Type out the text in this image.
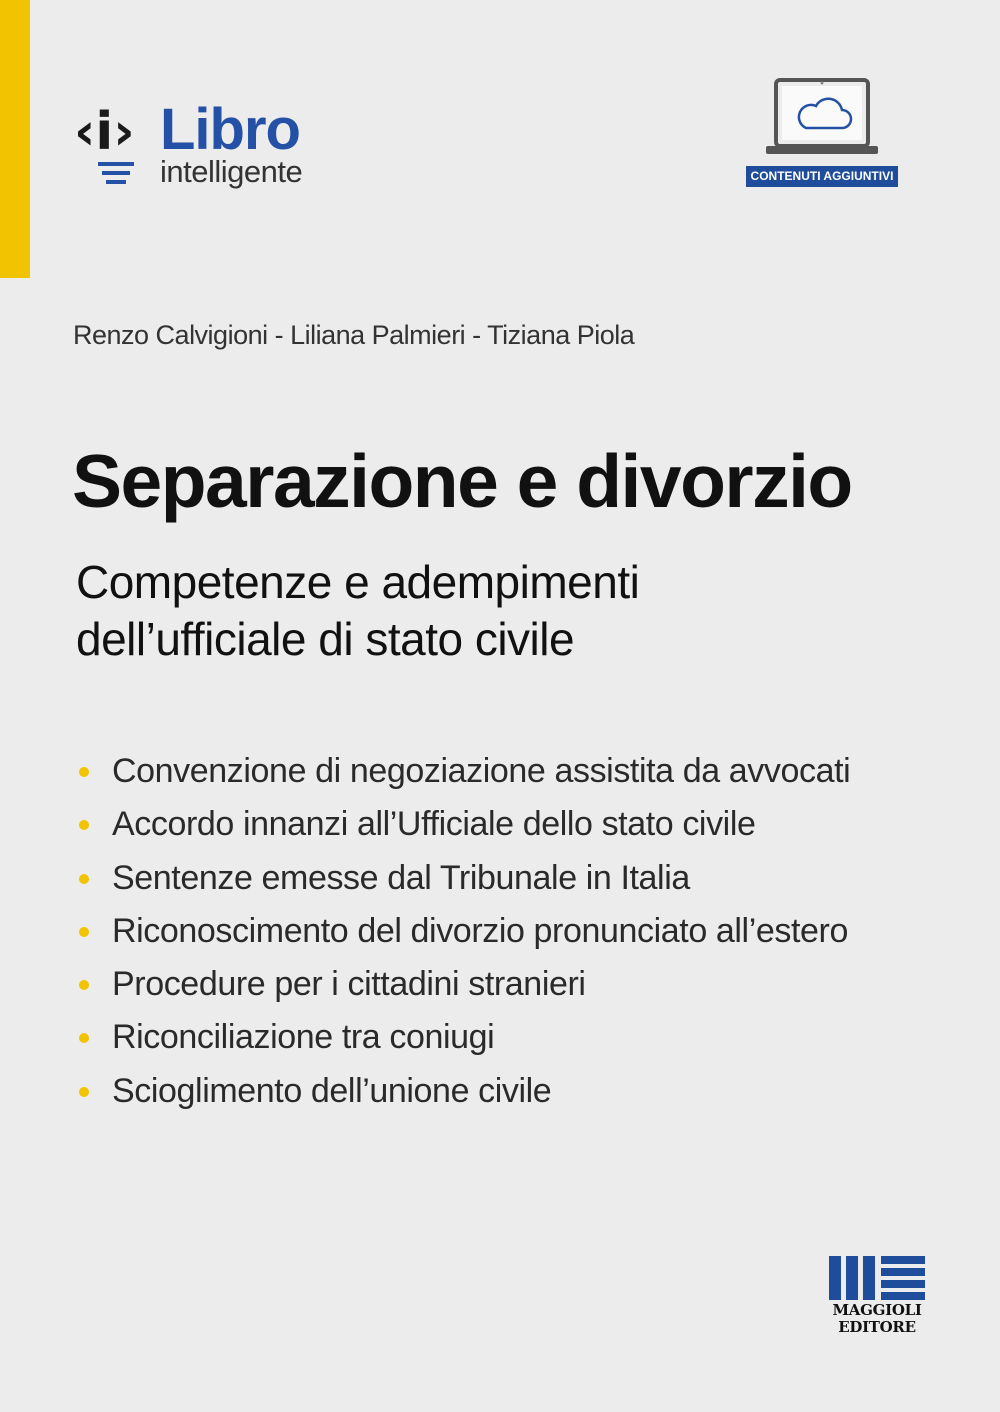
‹i› Libro
intelligente	CONTENUTI AGGIUNTIVI
Renzo Calvigioni - Liliana Palmieri - Tiziana Piola
Separazione e divorzio
Competenze e adempimenti
dell’ufficiale di stato civile
Convenzione di negoziazione assistita da avvocati
Accordo innanzi all’Ufficiale dello stato civile
Sentenze emesse dal Tribunale in Italia
Riconoscimento del divorzio pronunciato all’estero
Procedure per i cittadini stranieri
Riconciliazione tra coniugi
Scioglimento dell’unione civile
MAGGIOLI
EDITORE
